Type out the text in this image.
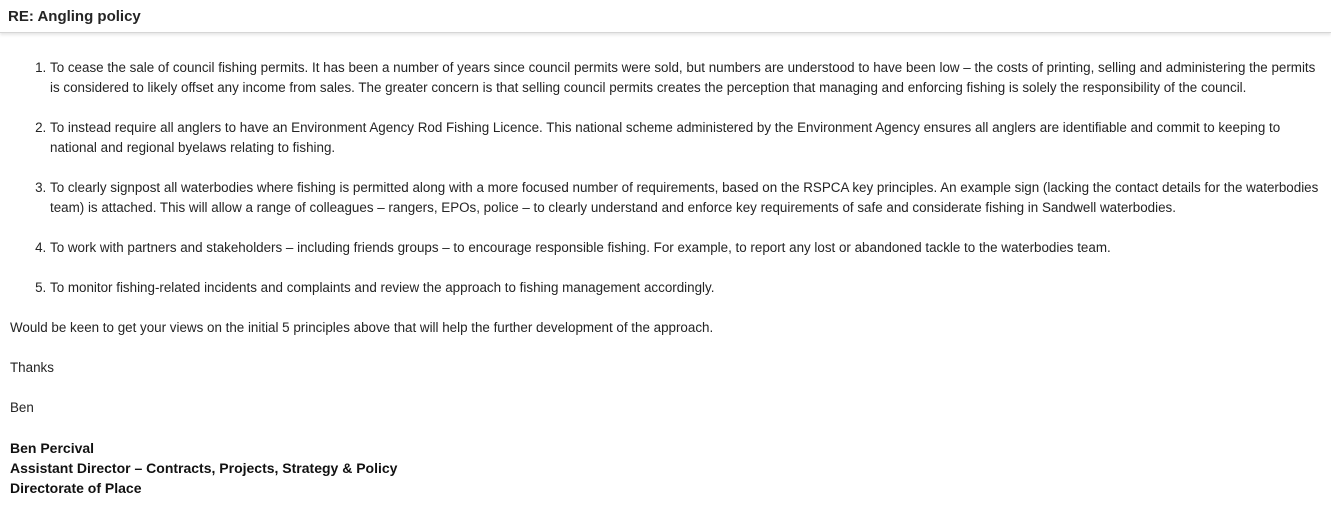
RE: Angling policy
1. To cease the sale of council fishing permits. It has been a number of years since council permits were sold, but numbers are understood to have been low – the costs of printing, selling and administering the permits is considered to likely offset any income from sales. The greater concern is that selling council permits creates the perception that managing and enforcing fishing is solely the responsibility of the council.
2. To instead require all anglers to have an Environment Agency Rod Fishing Licence. This national scheme administered by the Environment Agency ensures all anglers are identifiable and commit to keeping to national and regional byelaws relating to fishing.
3. To clearly signpost all waterbodies where fishing is permitted along with a more focused number of requirements, based on the RSPCA key principles. An example sign (lacking the contact details for the waterbodies team) is attached. This will allow a range of colleagues – rangers, EPOs, police – to clearly understand and enforce key requirements of safe and considerate fishing in Sandwell waterbodies.
4. To work with partners and stakeholders – including friends groups – to encourage responsible fishing. For example, to report any lost or abandoned tackle to the waterbodies team.
5. To monitor fishing-related incidents and complaints and review the approach to fishing management accordingly.

Would be keen to get your views on the initial 5 principles above that will help the further development of the approach.

Thanks

Ben

Ben Percival
Assistant Director – Contracts, Projects, Strategy & Policy
Directorate of Place
